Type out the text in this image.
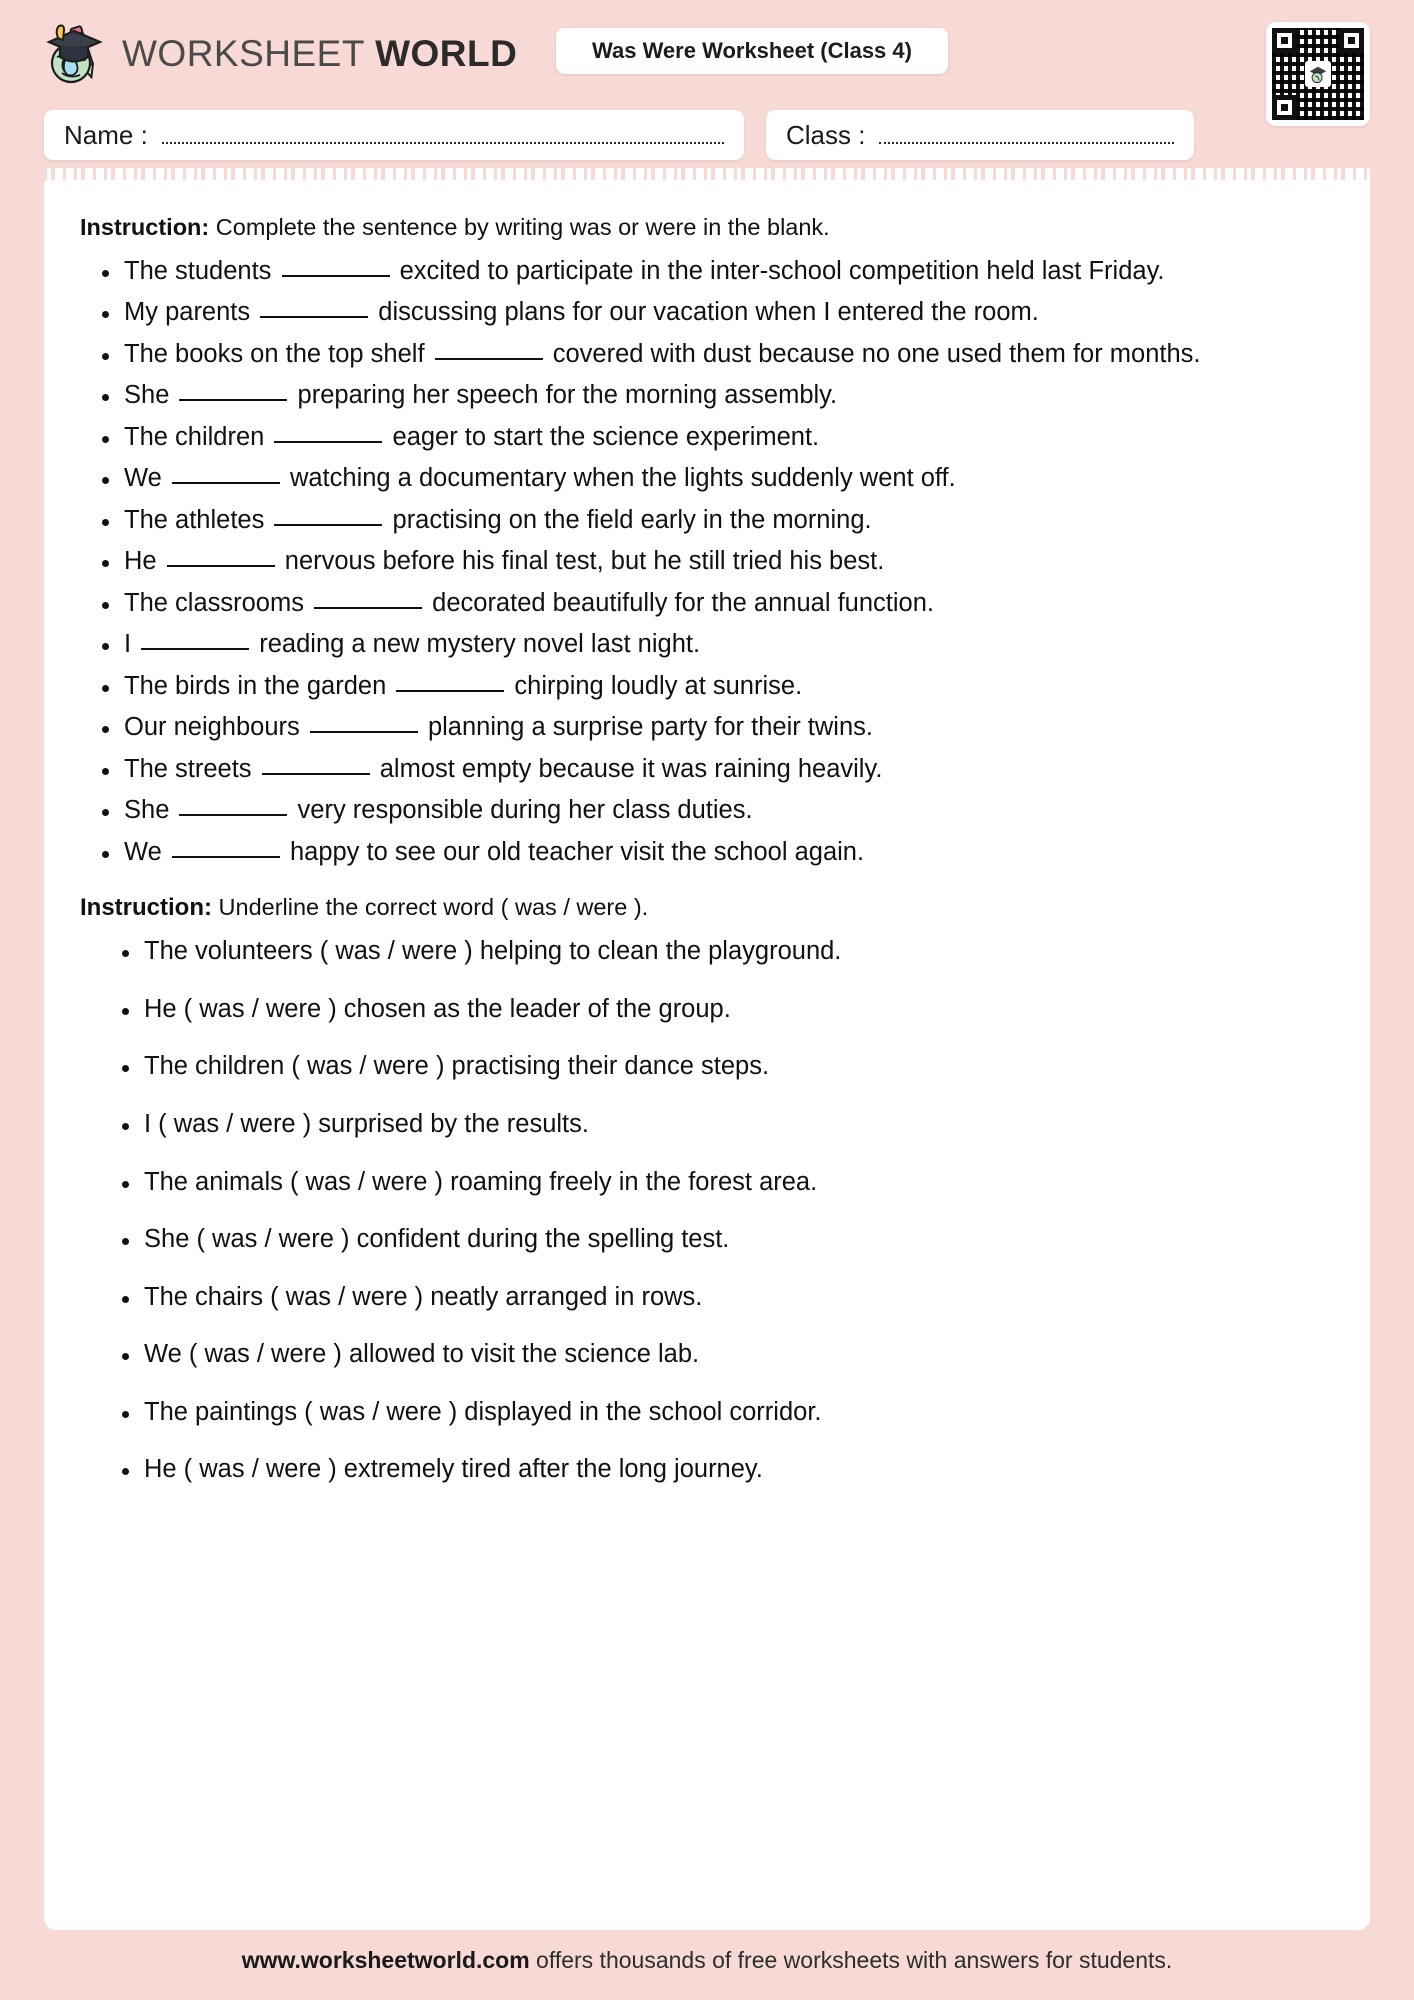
WORKSHEET WORLD	Was Were Worksheet (Class 4)
Name :	Class :
Instruction: Complete the sentence by writing was or were in the blank.
The students	excited to participate in the inter-school competition held last Friday.
My parents	discussing plans for our vacation when I entered the room.
The books on the top shelf	covered with dust because no one used them for months.
She	preparing her speech for the morning assembly.
The children	eager to start the science experiment.
We	watching a documentary when the lights suddenly went off.
The athletes	practising on the field early in the morning.
He	nervous before his final test, but he still tried his best.
The classrooms	decorated beautifully for the annual function.
I	reading a new mystery novel last night.
The birds in the garden	chirping loudly at sunrise.
Our neighbours	planning a surprise party for their twins.
The streets	almost empty because it was raining heavily.
She	very responsible during her class duties.
We	happy to see our old teacher visit the school again.
Instruction: Underline the correct word ( was / were ).
The volunteers ( was / were ) helping to clean the playground.
He ( was / were ) chosen as the leader of the group.
The children ( was / were ) practising their dance steps.
I ( was / were ) surprised by the results.
The animals ( was / were ) roaming freely in the forest area.
She ( was / were ) confident during the spelling test.
The chairs ( was / were ) neatly arranged in rows.
We ( was / were ) allowed to visit the science lab.
The paintings ( was / were ) displayed in the school corridor.
He ( was / were ) extremely tired after the long journey.
www.worksheetworld.com offers thousands of free worksheets with answers for students.
